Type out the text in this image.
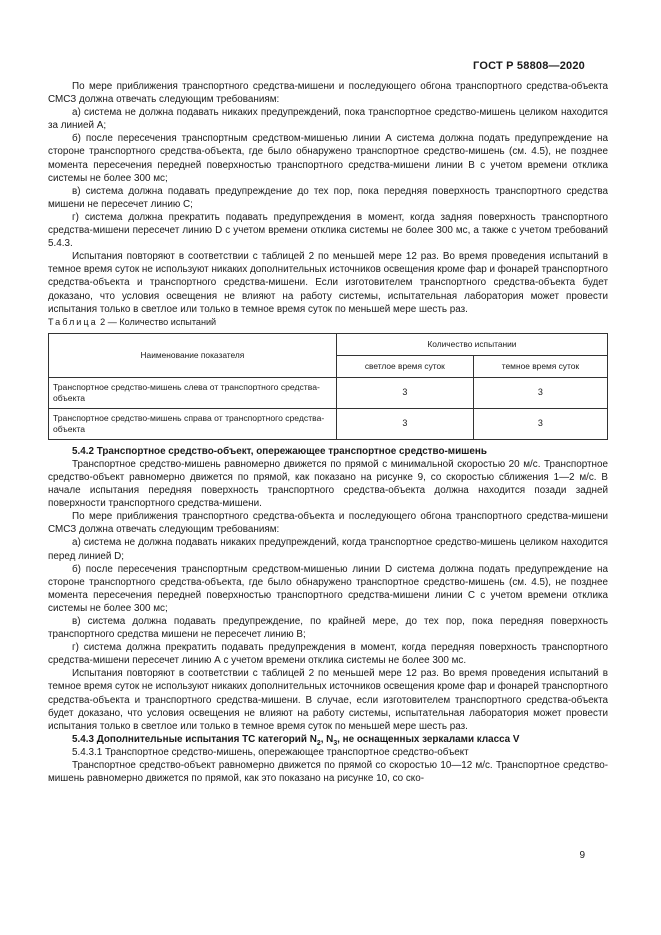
ГОСТ Р 58808—2020

По мере приближения транспортного средства-мишени и последующего обгона транспортного средства-объекта СМСЗ должна отвечать следующим требованиям:

а) система не должна подавать никаких предупреждений, пока транспортное средство-мишень целиком находится за линией А;

б) после пересечения транспортным средством-мишенью линии А система должна подать предупреждение на стороне транспортного средства-объекта, где было обнаружено транспортное средство-мишень (см. 4.5), не позднее момента пересечения передней поверхностью транспортного средства-мишени линии В с учетом времени отклика системы не более 300 мс;

в) система должна подавать предупреждение до тех пор, пока передняя поверхность транспортного средства мишени не пересечет линию С;

г) система должна прекратить подавать предупреждения в момент, когда задняя поверхность транспортного средства-мишени пересечет линию D с учетом времени отклика системы не более 300 мс, а также с учетом требований 5.4.3.

Испытания повторяют в соответствии с таблицей 2 по меньшей мере 12 раз. Во время проведения испытаний в темное время суток не используют никаких дополнительных источников освещения кроме фар и фонарей транспортного средства-объекта и транспортного средства-мишени. Если изготовителем транспортного средства-объекта будет доказано, что условия освещения не влияют на работу системы, испытательная лаборатория может провести испытания только в светлое или только в темное время суток по меньшей мере шесть раз.

Таблица 2 — Количество испытаний

Наименование показателя	Количество испытании	
	светлое время суток	темное время суток
Транспортное средство-мишень слева от транспортного средства-объекта	3	3
Транспортное средство-мишень справа от транспортного средства-объекта	3	3

5.4.2 Транспортное средство-объект, опережающее транспортное средство-мишень

Транспортное средство-мишень равномерно движется по прямой с минимальной скоростью 20 м/с. Транспортное средство-объект равномерно движется по прямой, как показано на рисунке 9, со скоростью сближения 1—2 м/с. В начале испытания передняя поверхность транспортного средства-объекта должна находится позади задней поверхности транспортного средства-мишени.

По мере приближения транспортного средства-объекта и последующего обгона транспортного средства-мишени СМСЗ должна отвечать следующим требованиям:

а) система не должна подавать никаких предупреждений, когда транспортное средство-мишень целиком находится перед линией D;

б) после пересечения транспортным средством-мишенью линии D система должна подать предупреждение на стороне транспортного средства-объекта, где было обнаружено транспортное средство-мишень (см. 4.5), не позднее момента пересечения передней поверхностью транспортного средства-мишени линии С с учетом времени отклика системы не более 300 мс;

в) система должна подавать предупреждение, по крайней мере, до тех пор, пока передняя поверхность транспортного средства мишени не пересечет линию В;

г) система должна прекратить подавать предупреждения в момент, когда передняя поверхность транспортного средства-мишени пересечет линию А с учетом времени отклика системы не более 300 мс.

Испытания повторяют в соответствии с таблицей 2 по меньшей мере 12 раз. Во время проведения испытаний в темное время суток не используют никаких дополнительных источников освещения кроме фар и фонарей транспортного средства-объекта и транспортного средства-мишени. В случае, если изготовителем транспортного средства-объекта будет доказано, что условия освещения не влияют на работу системы, испытательная лаборатория может провести испытания только в светлое или только в темное время суток по меньшей мере шесть раз.

5.4.3 Дополнительные испытания ТС категорий $N_2$, $N_3$, не оснащенных зеркалами класса V

5.4.3.1 Транспортное средство-мишень, опережающее транспортное средство-объект

Транспортное средство-объект равномерно движется по прямой со скоростью 10—12 м/с. Транспортное средство-мишень равномерно движется по прямой, как это показано на рисунке 10, со ско-

9
